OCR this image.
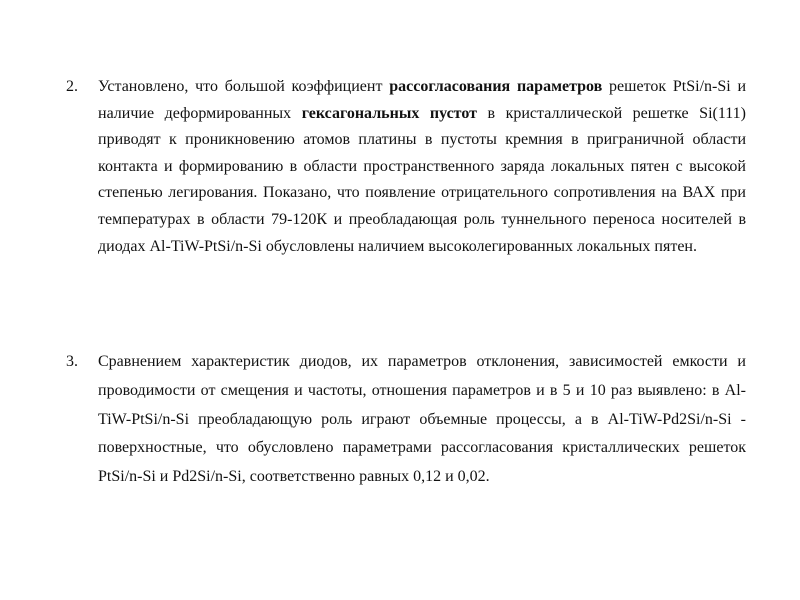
2. Установлено, что большой коэффициент рассогласования параметров решеток PtSi/n-Si и наличие деформированных гексагональных пустот в кристаллической решетке Si(111) приводят к проникновению атомов платины в пустоты кремния в приграничной области контакта и формированию в области пространственного заряда локальных пятен с высокой степенью легирования. Показано, что появление отрицательного сопротивления на ВАХ при температурах в области 79-120К и преобладающая роль туннельного переноса носителей в диодах Al-TiW-PtSi/n-Si обусловлены наличием высоколегированных локальных пятен.
3. Сравнением характеристик диодов, их параметров отклонения, зависимостей емкости и проводимости от смещения и частоты, отношения параметров и в 5 и 10 раз выявлено: в Al-TiW-PtSi/n-Si преобладающую роль играют объемные процессы, а в Al-TiW-Pd2Si/n-Si - поверхностные, что обусловлено параметрами рассогласования кристаллических решеток PtSi/n-Si и Pd2Si/n-Si, соответственно равных 0,12 и 0,02.
